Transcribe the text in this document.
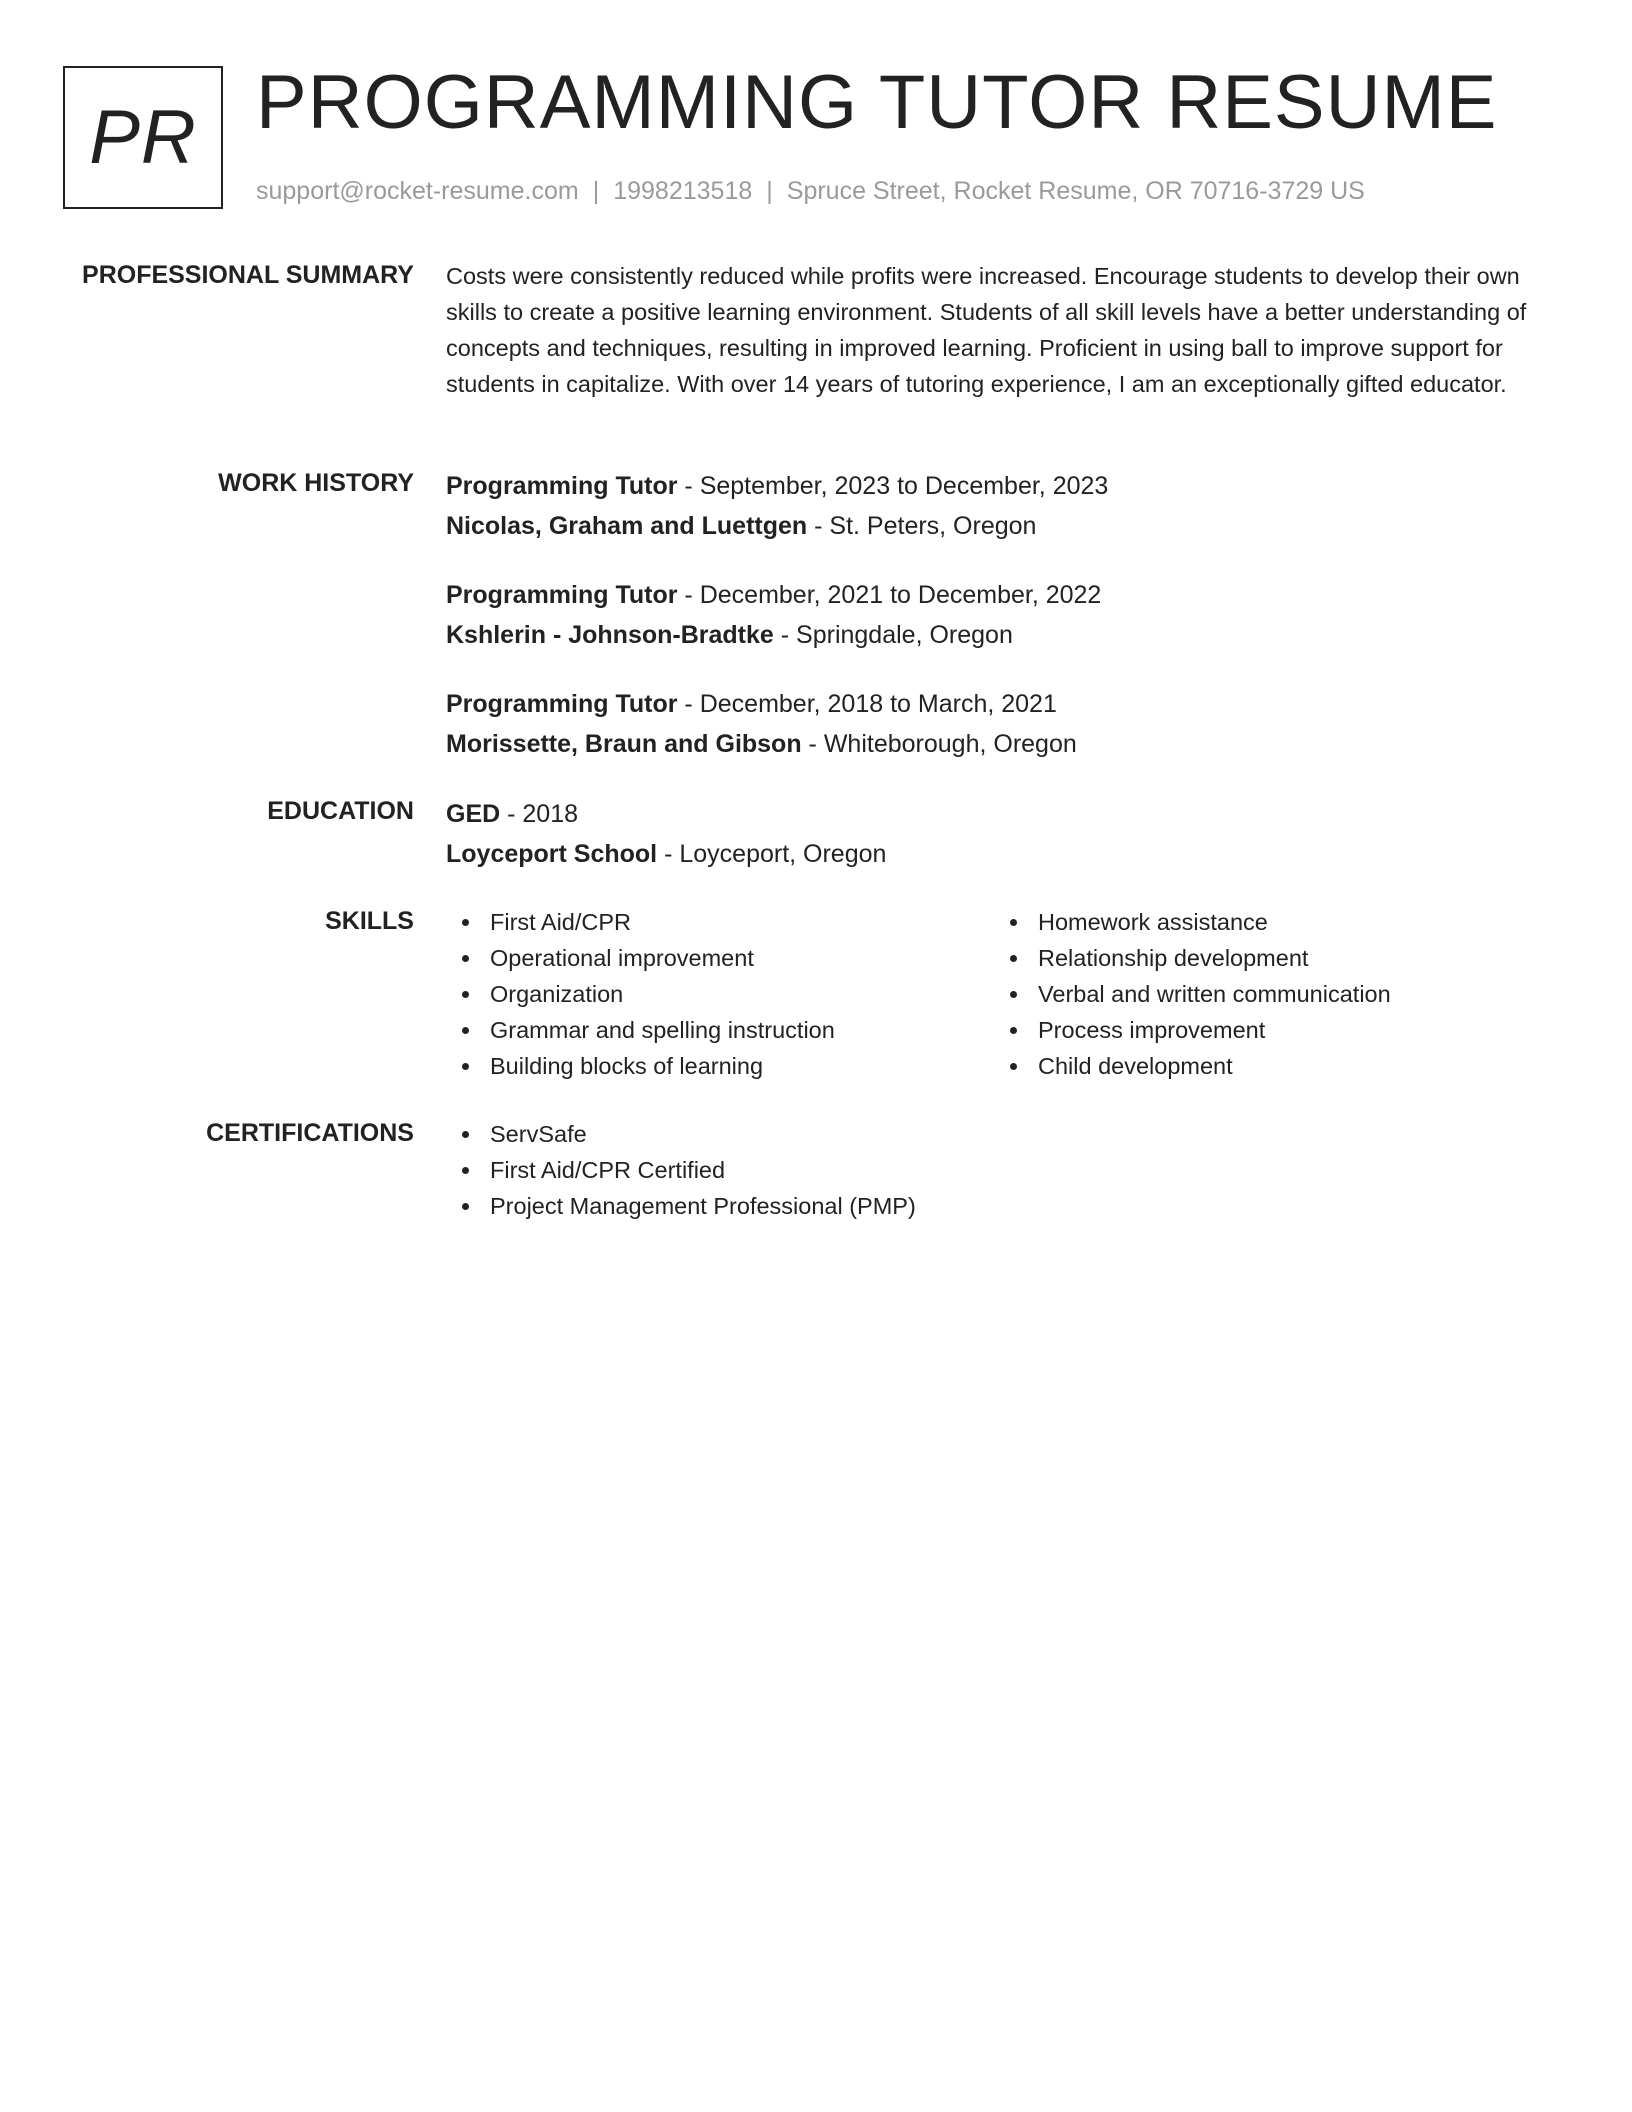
PR PROGRAMMING TUTOR RESUME
support@rocket-resume.com | 1998213518 | Spruce Street, Rocket Resume, OR 70716-3729 US
PROFESSIONAL SUMMARY Costs were consistently reduced while profits were increased. Encourage students to develop their own skills to create a positive learning environment. Students of all skill levels have a better understanding of concepts and techniques, resulting in improved learning. Proficient in using ball to improve support for students in capitalize. With over 14 years of tutoring experience, I am an exceptionally gifted educator.

WORK HISTORY Programming Tutor - September, 2023 to December, 2023
Nicolas, Graham and Luettgen - St. Peters, Oregon
Programming Tutor - December, 2021 to December, 2022
Kshlerin - Johnson-Bradtke - Springdale, Oregon
Programming Tutor - December, 2018 to March, 2021
Morissette, Braun and Gibson - Whiteborough, Oregon
EDUCATION GED - 2018
Loyceport School - Loyceport, Oregon
SKILLS	First Aid/CPR
Operational improvement
Organization
Grammar and spelling instruction
Building blocks of learning
Homework assistance
Relationship development
Verbal and written communication
Process improvement
Child development
CERTIFICATIONS	ServSafe
First Aid/CPR Certified
Project Management Professional (PMP)
